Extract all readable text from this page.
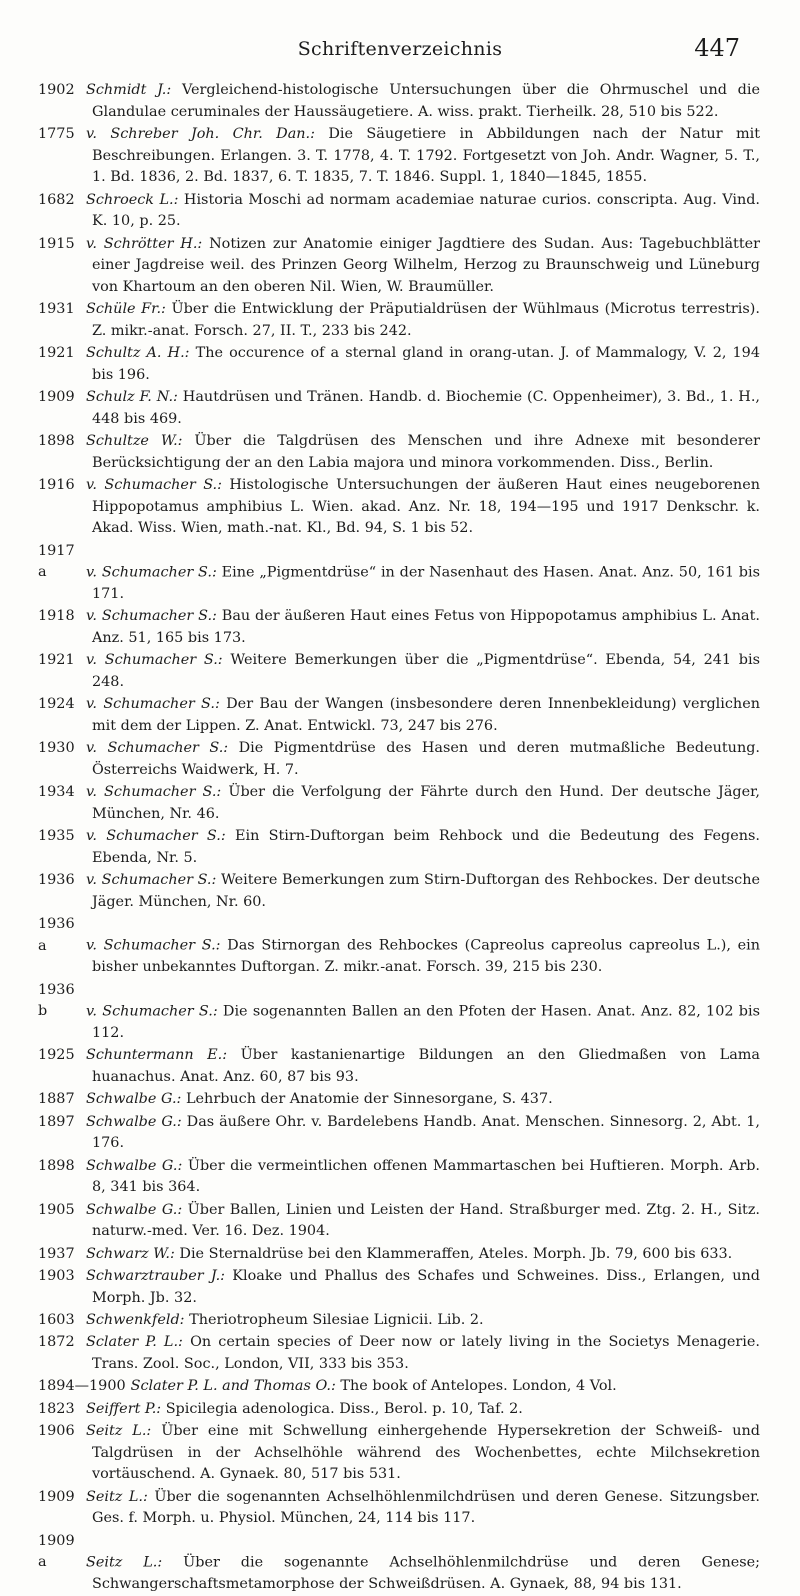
Schriftenverzeichnis	447
1902 Schmidt J.: Vergleichend-histologische Untersuchungen über die Ohrmuschel und die Glandulae ceruminales der Haussäugetiere. A. wiss. prakt. Tierheilk. 28, 510 bis 522.
1775 v. Schreber Joh. Chr. Dan.: Die Säugetiere in Abbildungen nach der Natur mit Beschreibungen. Erlangen. 3. T. 1778, 4. T. 1792. Fortgesetzt von Joh. Andr. Wagner, 5. T., 1. Bd. 1836, 2. Bd. 1837, 6. T. 1835, 7. T. 1846. Suppl. 1, 1840—1845, 1855.
1682 Schroeck L.: Historia Moschi ad normam academiae naturae curios. conscripta. Aug. Vind. K. 10, p. 25.
1915 v. Schrötter H.: Notizen zur Anatomie einiger Jagdtiere des Sudan. Aus: Tagebuchblätter einer Jagdreise weil. des Prinzen Georg Wilhelm, Herzog zu Braunschweig und Lüneburg von Khartoum an den oberen Nil. Wien, W. Braumüller.
1931 Schüle Fr.: Über die Entwicklung der Präputialdrüsen der Wühlmaus (Microtus terrestris). Z. mikr.-anat. Forsch. 27, II. T., 233 bis 242.
1921 Schultz A. H.: The occurence of a sternal gland in orang-utan. J. of Mammalogy, V. 2, 194 bis 196.
1909 Schulz F. N.: Hautdrüsen und Tränen. Handb. d. Biochemie (C. Oppenheimer), 3. Bd., 1. H., 448 bis 469.
1898 Schultze W.: Über die Talgdrüsen des Menschen und ihre Adnexe mit besonderer Berücksichtigung der an den Labia majora und minora vorkommenden. Diss., Berlin.
1916 v. Schumacher S.: Histologische Untersuchungen der äußeren Haut eines neugeborenen Hippopotamus amphibius L. Wien. akad. Anz. Nr. 18, 194—195 und 1917 Denkschr. k. Akad. Wiss. Wien, math.-nat. Kl., Bd. 94, S. 1 bis 52.
1917 a	v. Schumacher S.: Eine „Pigmentdrüse“ in der Nasenhaut des Hasen. Anat. Anz. 50, 161 bis 171.
1918 v. Schumacher S.: Bau der äußeren Haut eines Fetus von Hippopotamus amphibius L. Anat. Anz. 51, 165 bis 173.
1921 v. Schumacher S.: Weitere Bemerkungen über die „Pigmentdrüse“. Ebenda, 54, 241 bis 248.
1924 v. Schumacher S.: Der Bau der Wangen (insbesondere deren Innenbekleidung) verglichen mit dem der Lippen. Z. Anat. Entwickl. 73, 247 bis 276.
1930 v. Schumacher S.: Die Pigmentdrüse des Hasen und deren mutmaßliche Bedeutung. Österreichs Waidwerk, H. 7.
1934 v. Schumacher S.: Über die Verfolgung der Fährte durch den Hund. Der deutsche Jäger, München, Nr. 46.
1935 v. Schumacher S.: Ein Stirn-Duftorgan beim Rehbock und die Bedeutung des Fegens. Ebenda, Nr. 5.
1936 v. Schumacher S.: Weitere Bemerkungen zum Stirn-Duftorgan des Rehbockes. Der deutsche Jäger. München, Nr. 60.
1936 a	v. Schumacher S.: Das Stirnorgan des Rehbockes (Capreolus capreolus capreolus L.), ein bisher unbekanntes Duftorgan. Z. mikr.-anat. Forsch. 39, 215 bis 230.
1936 b	v. Schumacher S.: Die sogenannten Ballen an den Pfoten der Hasen. Anat. Anz. 82, 102 bis 112.
1925 Schuntermann E.: Über kastanienartige Bildungen an den Gliedmaßen von Lama huanachus. Anat. Anz. 60, 87 bis 93.
1887 Schwalbe G.: Lehrbuch der Anatomie der Sinnesorgane, S. 437.
1897 Schwalbe G.: Das äußere Ohr. v. Bardelebens Handb. Anat. Menschen. Sinnesorg. 2, Abt. 1, 176.
1898 Schwalbe G.: Über die vermeintlichen offenen Mammartaschen bei Huftieren. Morph. Arb. 8, 341 bis 364.
1905 Schwalbe G.: Über Ballen, Linien und Leisten der Hand. Straßburger med. Ztg. 2. H., Sitz. naturw.-med. Ver. 16. Dez. 1904.
1937 Schwarz W.: Die Sternaldrüse bei den Klammeraffen, Ateles. Morph. Jb. 79, 600 bis 633.
1903 Schwarztrauber J.: Kloake und Phallus des Schafes und Schweines. Diss., Erlangen, und Morph. Jb. 32.
1603 Schwenkfeld: Theriotropheum Silesiae Lignicii. Lib. 2.
1872 Sclater P. L.: On certain species of Deer now or lately living in the Societys Menagerie. Trans. Zool. Soc., London, VII, 333 bis 353.
1894—1900 Sclater P. L. and Thomas O.: The book of Antelopes. London, 4 Vol.
1823 Seiffert P.: Spicilegia adenologica. Diss., Berol. p. 10, Taf. 2.
1906 Seitz L.: Über eine mit Schwellung einhergehende Hypersekretion der Schweiß- und Talgdrüsen in der Achselhöhle während des Wochenbettes, echte Milchsekretion vortäuschend. A. Gynaek. 80, 517 bis 531.
1909 Seitz L.: Über die sogenannten Achselhöhlenmilchdrüsen und deren Genese. Sitzungsber. Ges. f. Morph. u. Physiol. München, 24, 114 bis 117.
1909 a	Seitz L.: Über die sogenannte Achselhöhlenmilchdrüse und deren Genese; Schwangerschaftsmetamorphose der Schweißdrüsen. A. Gynaek, 88, 94 bis 131.
